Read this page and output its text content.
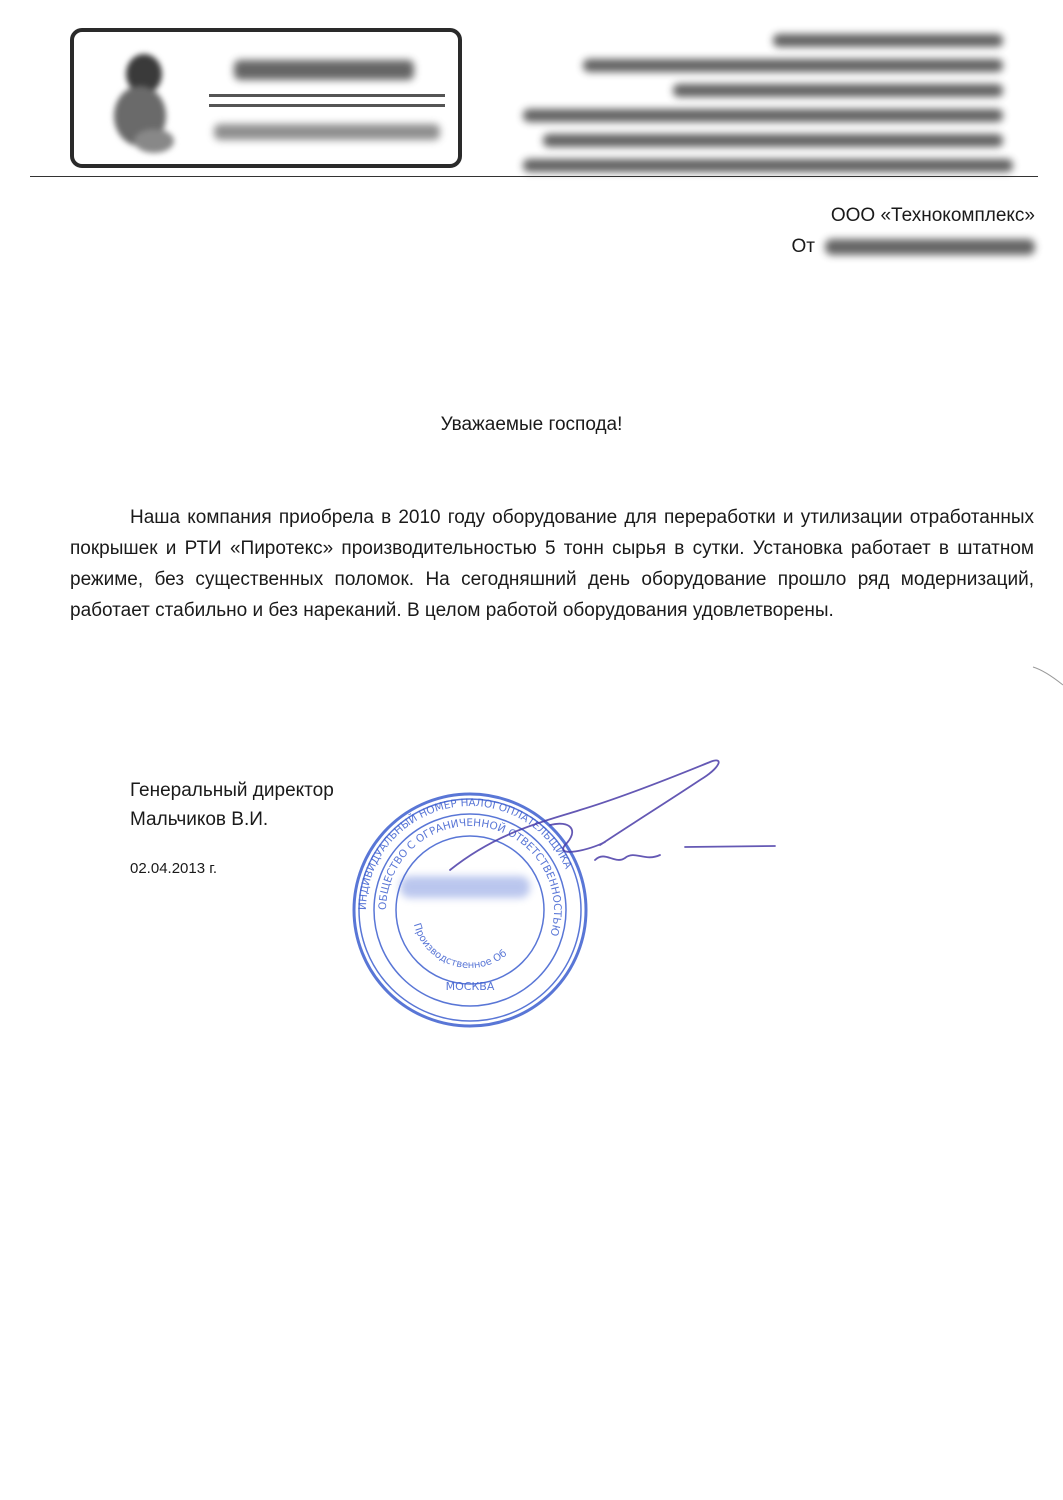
ООО «Технокомплекс»
От
Уважаемые господа!

Наша компания приобрела в 2010 году оборудование для переработки и утилизации отработанных покрышек и РТИ «Пиротекс» производительностью 5 тонн сырья в сутки. Установка работает в штатном режиме, без существенных поломок. На сегодняшний день оборудование прошло ряд модернизаций, работает стабильно и без нареканий. В целом работой оборудования удовлетворены.

Генеральный директор
Мальчиков В.И.
02.04.2013 г.
ИНДИВИДУАЛЬНЫЙ НОМЕР НАЛОГОПЛАТЕЛЬЩИКА
ОБЩЕСТВО С ОГРАНИЧЕННОЙ ОТВЕТСТВЕННОСТЬЮ
Производственное Об
МОСКВА
